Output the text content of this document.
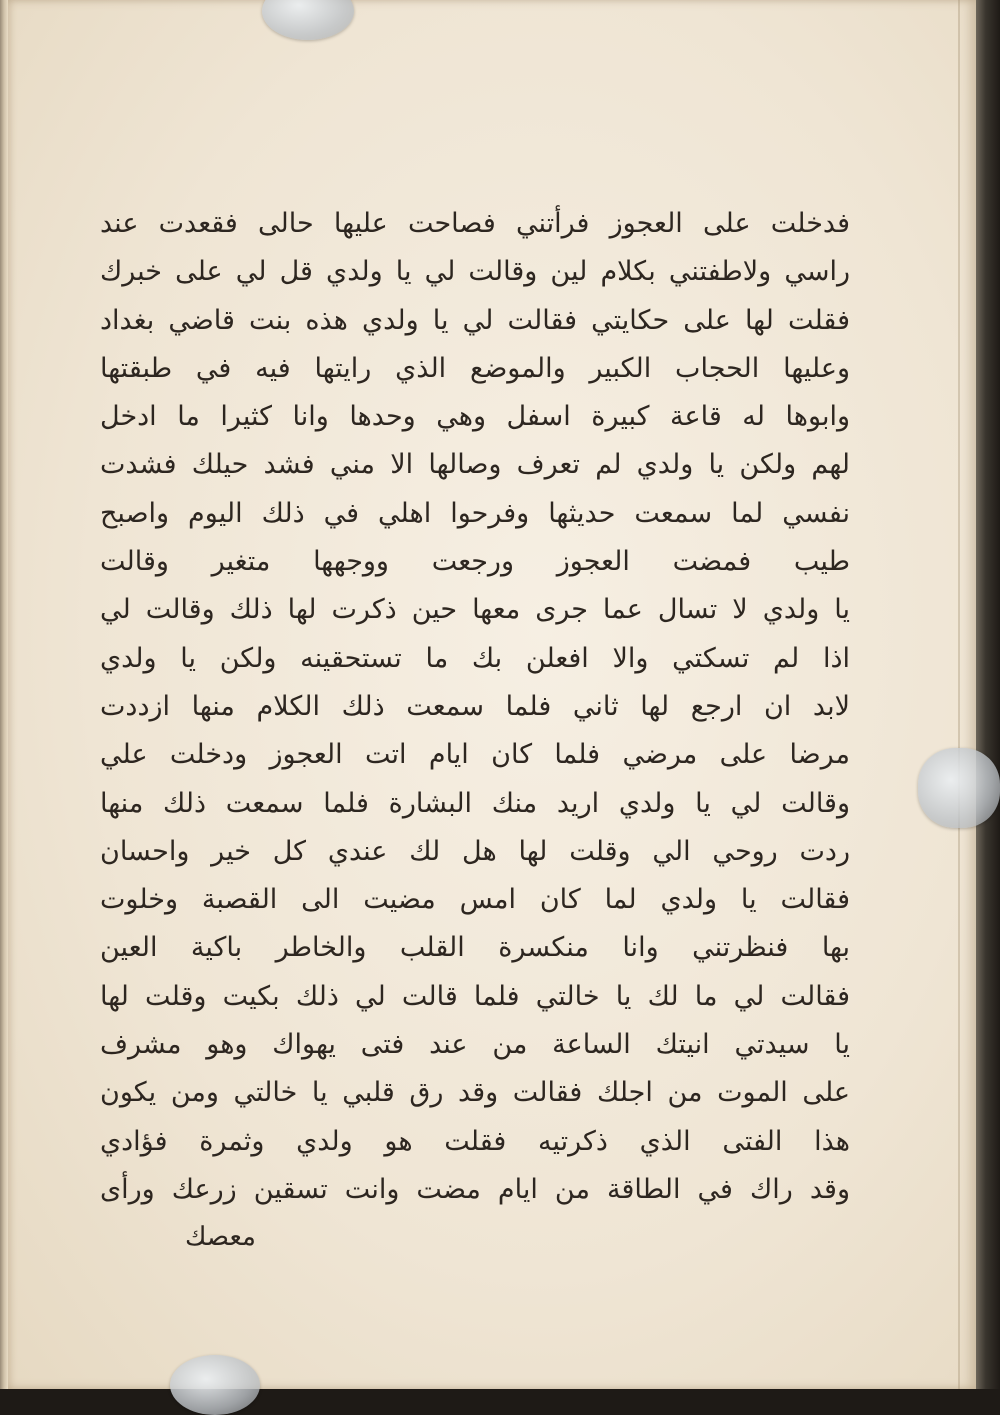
فدخلت على العجوز فرأتني فصاحت عليها حالى فقعدت عند
راسي ولاطفتني بكلام لين وقالت لي يا ولدي قل لي على خبرك
فقلت لها على حكايتي فقالت لي يا ولدي هذه بنت قاضي بغداد
وعليها الحجاب الكبير والموضع الذي رايتها فيه في طبقتها
وابوها له قاعة كبيرة اسفل وهي وحدها وانا كثيرا ما ادخل
لهم ولكن يا ولدي لم تعرف وصالها الا مني فشد حيلك فشدت
نفسي لما سمعت حديثها وفرحوا اهلي في ذلك اليوم واصبح
طيب فمضت العجوز ورجعت ووجهها متغير وقالت
يا ولدي لا تسال عما جرى معها حين ذكرت لها ذلك وقالت لي
اذا لم تسكتي والا افعلن بك ما تستحقينه ولكن يا ولدي
لابد ان ارجع لها ثاني فلما سمعت ذلك الكلام منها ازددت
مرضا على مرضي فلما كان ايام اتت العجوز ودخلت علي
وقالت لي يا ولدي اريد منك البشارة فلما سمعت ذلك منها
ردت روحي الي وقلت لها هل لك عندي كل خير واحسان
فقالت يا ولدي لما كان امس مضيت الى القصبة وخلوت
بها فنظرتني وانا منكسرة القلب والخاطر باكية العين
فقالت لي ما لك يا خالتي فلما قالت لي ذلك بكيت وقلت لها
يا سيدتي انيتك الساعة من عند فتى يهواك وهو مشرف
على الموت من اجلك فقالت وقد رق قلبي يا خالتي ومن يكون
هذا الفتى الذي ذكرتيه فقلت هو ولدي وثمرة فؤادي
وقد راك في الطاقة من ايام مضت وانت تسقين زرعك ورأى
معصك
